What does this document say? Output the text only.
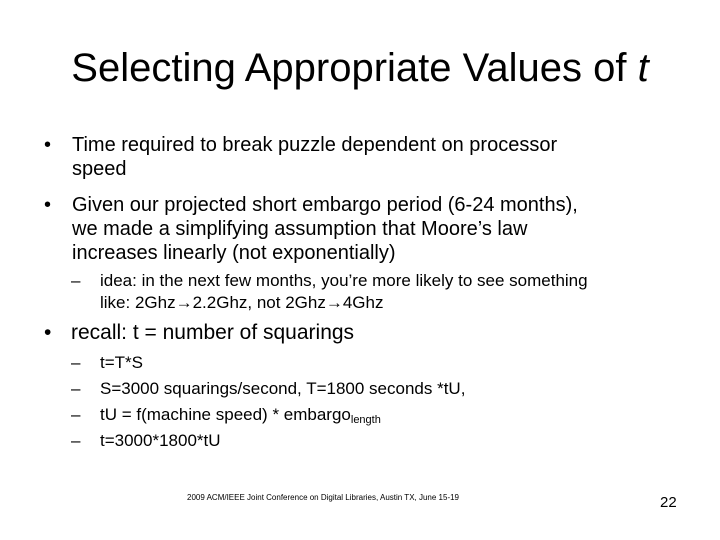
Selecting Appropriate Values of t
• Time required to break puzzle dependent on processor
speed
• Given our projected short embargo period (6-24 months),
we made a simplifying assumption that Moore’s law
increases linearly (not exponentially)
– idea: in the next few months, you’re more likely to see something
like: 2Ghz→2.2Ghz, not 2Ghz→4Ghz
• recall: t = number of squarings
– t=T*S
– S=3000 squarings/second, T=1800 seconds *tU,
– tU = f(machine speed) * embargo$_{length}$
– t=3000*1800*tU
2009 ACM/IEEE Joint Conference on Digital Libraries, Austin TX, June 15-19	22
